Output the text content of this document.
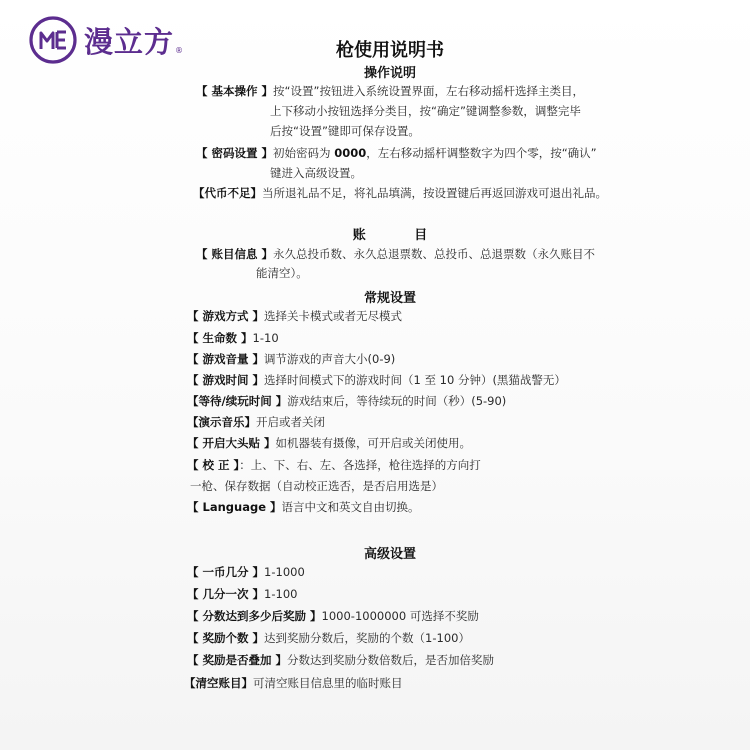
漫立方 ®	枪使用说明书
操作说明
【 基本操作 】按“设置”按钮进入系统设置界面，左右移动摇杆选择主类目，
上下移动小按钮选择分类目，按“确定”键调整参数，调整完毕
后按“设置”键即可保存设置。
【 密码设置 】初始密码为 0000，左右移动摇杆调整数字为四个零，按“确认”
键进入高级设置。
【代币不足】当所退礼品不足，将礼品填满，按设置键后再返回游戏可退出礼品。
账 目
【 账目信息 】永久总投币数、永久总退票数、总投币、总退票数（永久账目不
能清空）。
常规设置
【 游戏方式 】选择关卡模式或者无尽模式
【 生命数 】1-10
【 游戏音量 】调节游戏的声音大小(0-9)
【 游戏时间 】选择时间模式下的游戏时间（1 至 10 分钟）(黑猫战警无）
【等待/续玩时间 】游戏结束后，等待续玩的时间（秒）(5-90)
【演示音乐】开启或者关闭
【 开启大头贴 】如机器装有摄像，可开启或关闭使用。
【 校 正 】：上、下、右、左、各选择，枪往选择的方向打
一枪、保存数据（自动校正选否，是否启用选是）
【 Language 】语言中文和英文自由切换。
高级设置
【 一币几分 】1-1000
【 几分一次 】1-100
【 分数达到多少后奖励 】1000-1000000 可选择不奖励
【 奖励个数 】达到奖励分数后，奖励的个数（1-100）
【 奖励是否叠加 】分数达到奖励分数倍数后，是否加倍奖励
【清空账目】可清空账目信息里的临时账目
